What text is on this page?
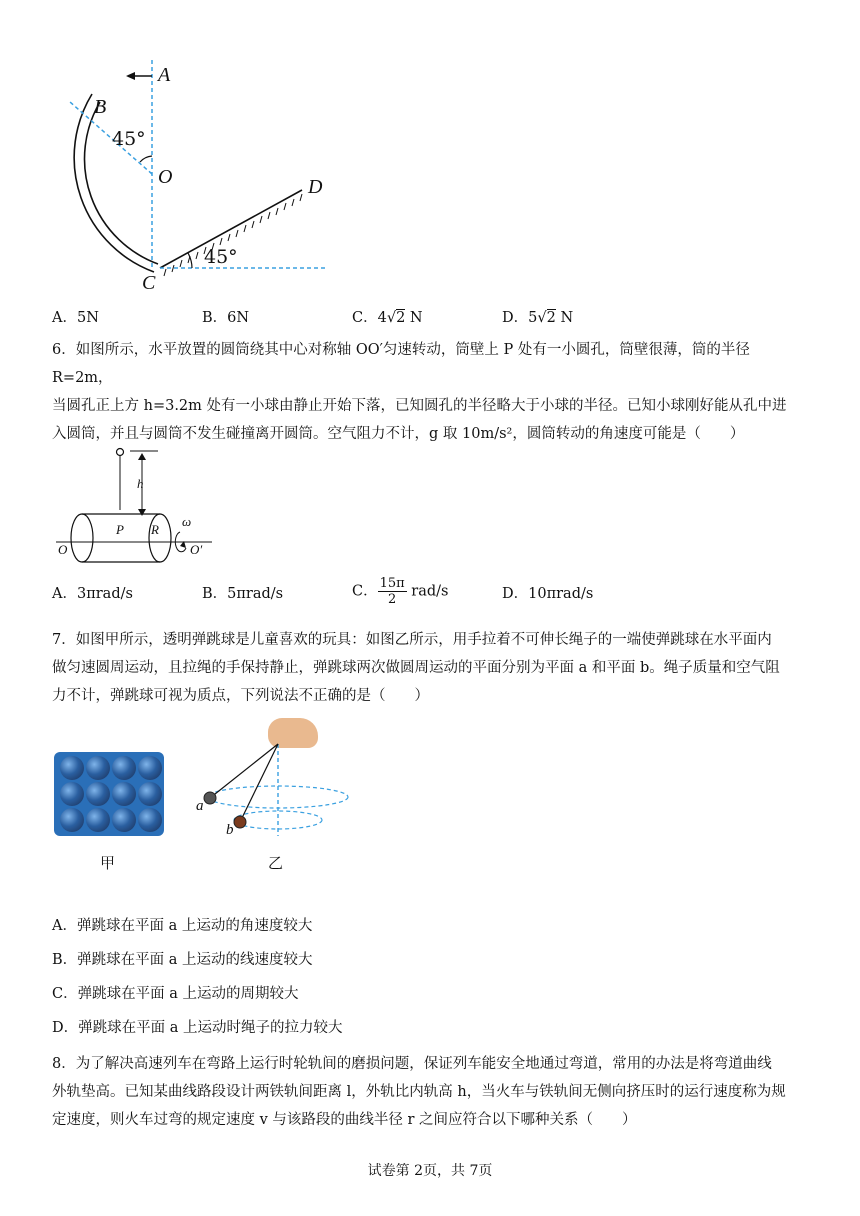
A
B
45°
O	D
45°
C
A．5N	B．6N	C．4√2 N	D．5√2 N
6．如图所示，水平放置的圆筒绕其中心对称轴 OO′匀速转动，筒壁上 P 处有一小圆孔，筒壁很薄，筒的半径 R=2m，
当圆孔正上方 h=3.2m 处有一小球由静止开始下落，已知圆孔的半径略大于小球的半径。已知小球刚好能从孔中进
入圆筒，并且与圆筒不发生碰撞离开圆筒。空气阻力不计，g 取 10m/s²，圆筒转动的角速度可能是（　　）
h
P R
O	O′
ω
A．3πrad/s	B．5πrad/s	C． $\frac{15\pi}{2} rad/s$	D．10πrad/s
7．如图甲所示，透明弹跳球是儿童喜欢的玩具：如图乙所示，用手拉着不可伸长绳子的一端使弹跳球在水平面内
做匀速圆周运动，且拉绳的手保持静止，弹跳球两次做圆周运动的平面分别为平面 a 和平面 b。绳子质量和空气阻
力不计，弹跳球可视为质点，下列说法不正确的是（　　）
甲
a
b
乙
A．弹跳球在平面 a 上运动的角速度较大
B．弹跳球在平面 a 上运动的线速度较大
C．弹跳球在平面 a 上运动的周期较大
D．弹跳球在平面 a 上运动时绳子的拉力较大
8．为了解决高速列车在弯路上运行时轮轨间的磨损问题，保证列车能安全地通过弯道，常用的办法是将弯道曲线
外轨垫高。已知某曲线路段设计两铁轨间距离 l，外轨比内轨高 h，当火车与铁轨间无侧向挤压时的运行速度称为规
定速度，则火车过弯的规定速度 v 与该路段的曲线半径 r 之间应符合以下哪种关系（　　）
试卷第 2页，共 7页
